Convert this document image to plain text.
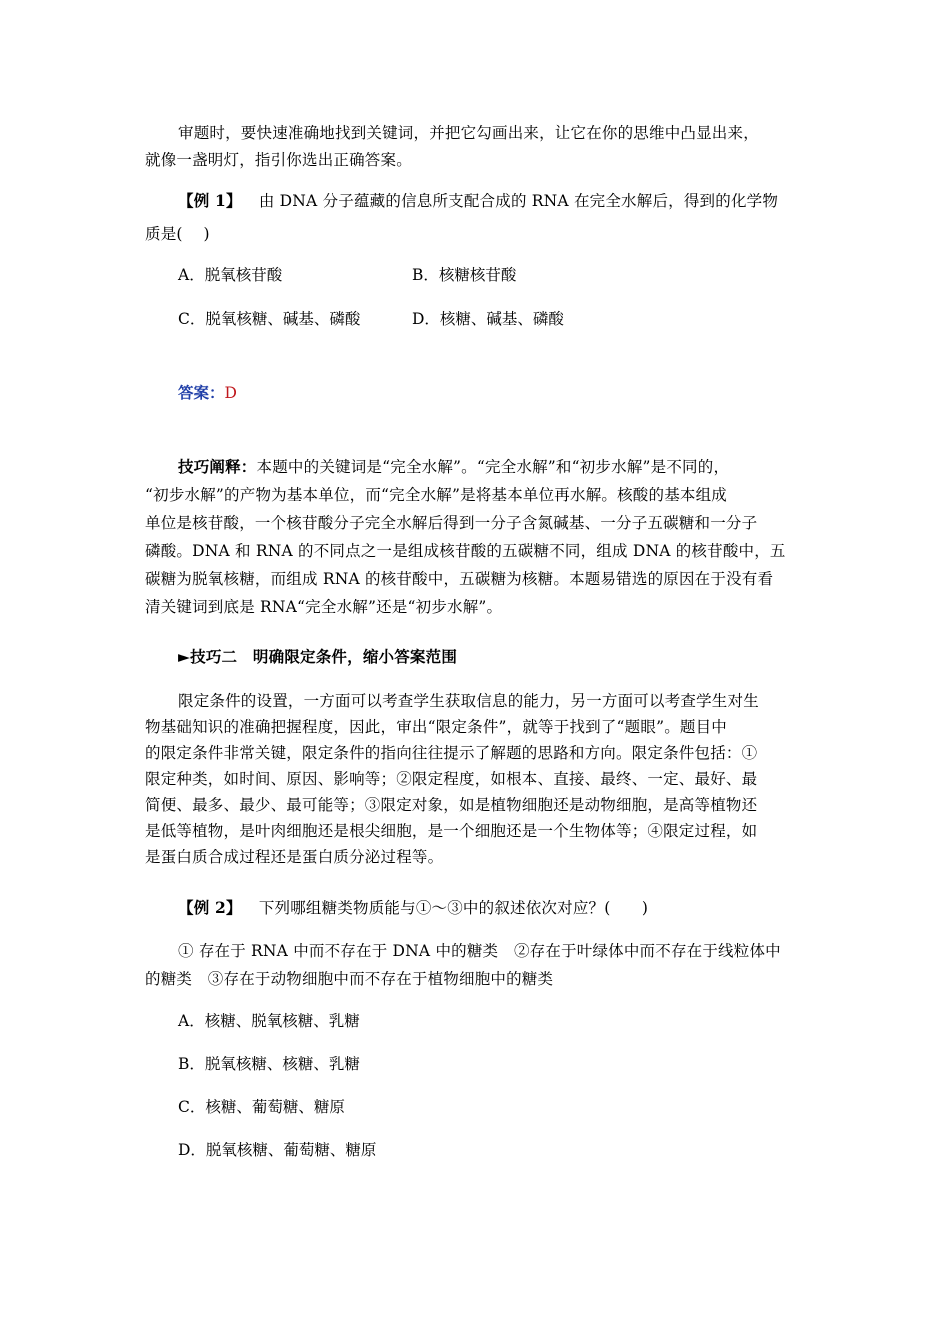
审题时，要快速准确地找到关键词，并把它勾画出来，让它在你的思维中凸显出来，
就像一盏明灯，指引你选出正确答案。
【例 1】 由 DNA 分子蕴藏的信息所支配合成的 RNA 在完全水解后，得到的化学物
质是(　 )
A．脱氧核苷酸	B．核糖核苷酸
C．脱氧核糖、碱基、磷酸	D．核糖、碱基、磷酸
答案：D
技巧阐释：本题中的关键词是“完全水解”。“完全水解”和“初步水解”是不同的，
“初步水解”的产物为基本单位，而“完全水解”是将基本单位再水解。核酸的基本组成
单位是核苷酸，一个核苷酸分子完全水解后得到一分子含氮碱基、一分子五碳糖和一分子
磷酸。DNA 和 RNA 的不同点之一是组成核苷酸的五碳糖不同，组成 DNA 的核苷酸中，五
碳糖为脱氧核糖，而组成 RNA 的核苷酸中，五碳糖为核糖。本题易错选的原因在于没有看
清关键词到底是 RNA“完全水解”还是“初步水解”。
►技巧二　明确限定条件，缩小答案范围
限定条件的设置，一方面可以考查学生获取信息的能力，另一方面可以考查学生对生
物基础知识的准确把握程度，因此，审出“限定条件”，就等于找到了“题眼”。题目中
的限定条件非常关键，限定条件的指向往往提示了解题的思路和方向。限定条件包括：①
限定种类，如时间、原因、影响等；②限定程度，如根本、直接、最终、一定、最好、最
简便、最多、最少、最可能等；③限定对象，如是植物细胞还是动物细胞，是高等植物还
是低等植物，是叶肉细胞还是根尖细胞，是一个细胞还是一个生物体等；④限定过程，如
是蛋白质合成过程还是蛋白质分泌过程等。
【例 2】 下列哪组糖类物质能与①～③中的叙述依次对应？(　　)
① 存在于 RNA 中而不存在于 DNA 中的糖类　②存在于叶绿体中而不存在于线粒体中
的糖类　③存在于动物细胞中而不存在于植物细胞中的糖类
A．核糖、脱氧核糖、乳糖
B．脱氧核糖、核糖、乳糖
C．核糖、葡萄糖、糖原
D．脱氧核糖、葡萄糖、糖原
